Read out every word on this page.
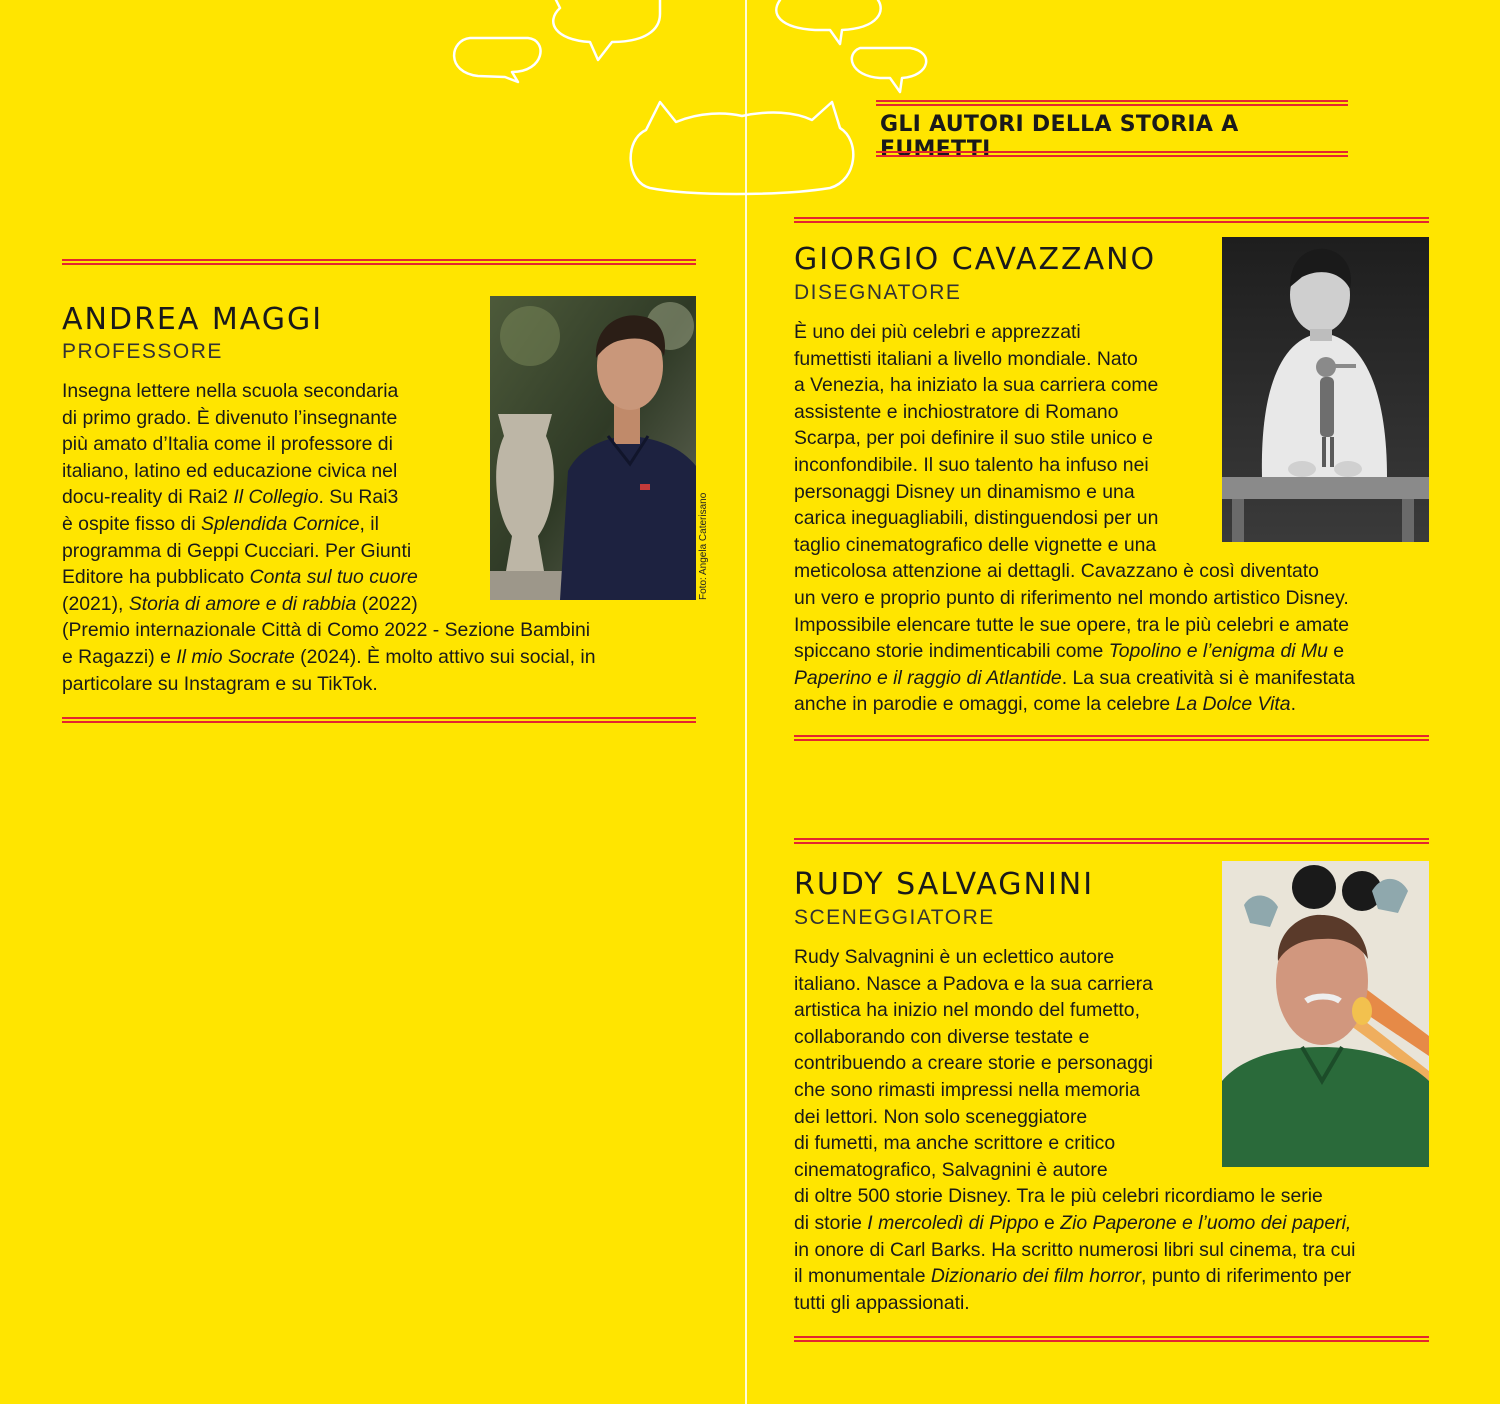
GLI AUTORI DELLA STORIA A FUMETTI
ANDREA MAGGI
PROFESSORE
Foto: Angela Caterisano
Insegna lettere nella scuola secondaria
di primo grado. È divenuto l’insegnante
più amato d’Italia come il professore di
italiano, latino ed educazione civica nel
docu-reality di Rai2 Il Collegio. Su Rai3
è ospite fisso di Splendida Cornice, il
programma di Geppi Cucciari. Per Giunti
Editore ha pubblicato Conta sul tuo cuore
(2021), Storia di amore e di rabbia (2022)
(Premio internazionale Città di Como 2022 - Sezione Bambini
e Ragazzi) e Il mio Socrate (2024). È molto attivo sui social, in
particolare su Instagram e su TikTok.
GIORGIO CAVAZZANO
DISEGNATORE
È uno dei più celebri e apprezzati
fumettisti italiani a livello mondiale. Nato
a Venezia, ha iniziato la sua carriera come
assistente e inchiostratore di Romano
Scarpa, per poi definire il suo stile unico e
inconfondibile. Il suo talento ha infuso nei
personaggi Disney un dinamismo e una
carica ineguagliabili, distinguendosi per un
taglio cinematografico delle vignette e una
meticolosa attenzione ai dettagli. Cavazzano è così diventato
un vero e proprio punto di riferimento nel mondo artistico Disney.
Impossibile elencare tutte le sue opere, tra le più celebri e amate
spiccano storie indimenticabili come Topolino e l’enigma di Mu e
Paperino e il raggio di Atlantide. La sua creatività si è manifestata
anche in parodie e omaggi, come la celebre La Dolce Vita.
RUDY SALVAGNINI
SCENEGGIATORE
Rudy Salvagnini è un eclettico autore
italiano. Nasce a Padova e la sua carriera
artistica ha inizio nel mondo del fumetto,
collaborando con diverse testate e
contribuendo a creare storie e personaggi
che sono rimasti impressi nella memoria
dei lettori. Non solo sceneggiatore
di fumetti, ma anche scrittore e critico
cinematografico, Salvagnini è autore
di oltre 500 storie Disney. Tra le più celebri ricordiamo le serie
di storie I mercoledì di Pippo e Zio Paperone e l’uomo dei paperi,
in onore di Carl Barks. Ha scritto numerosi libri sul cinema, tra cui
il monumentale Dizionario dei film horror, punto di riferimento per
tutti gli appassionati.
